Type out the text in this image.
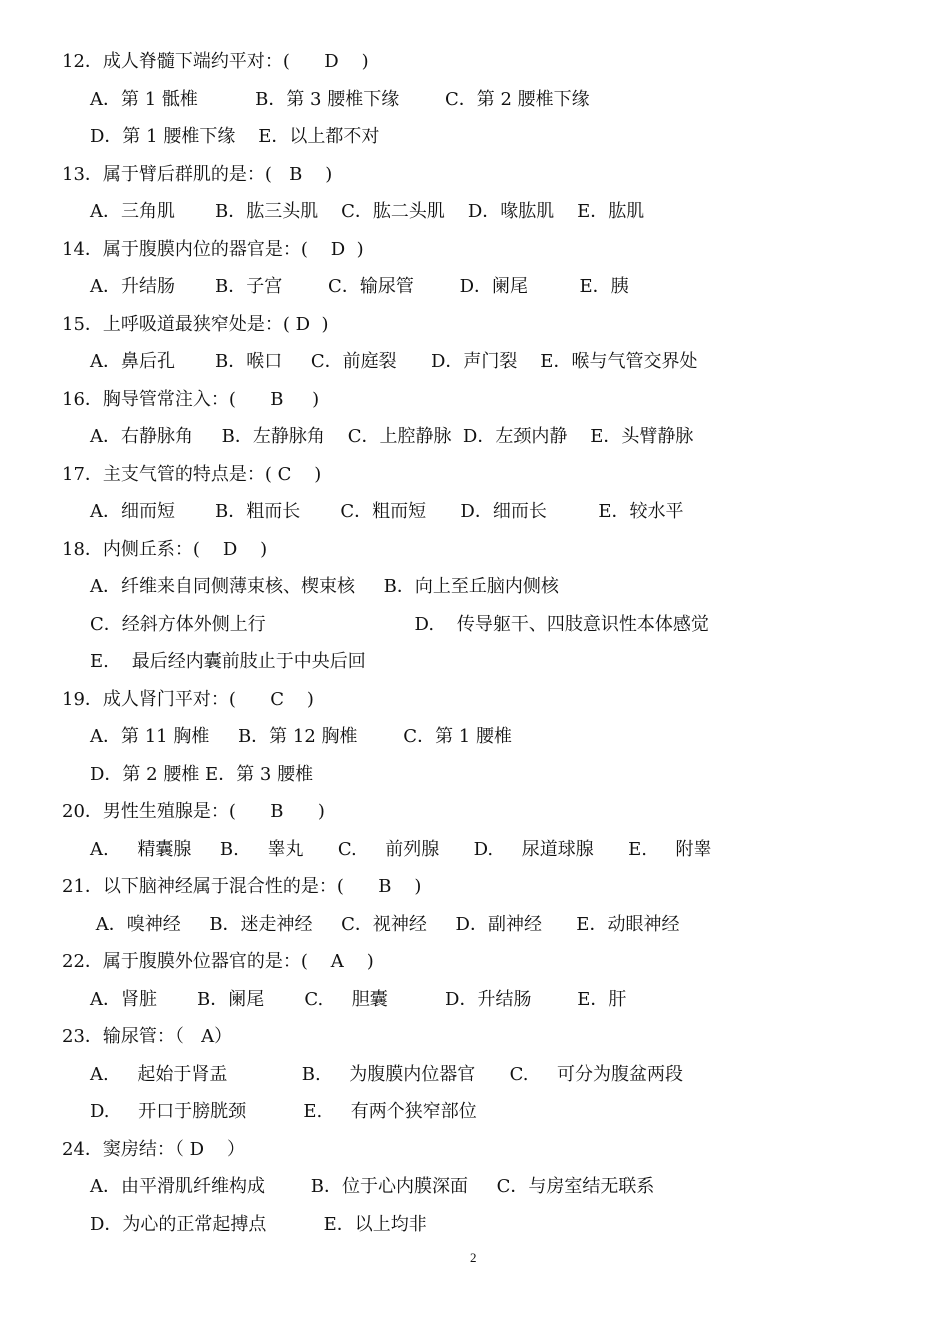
12．成人脊髓下端约平对：(      D    )
A．第 1 骶椎          B．第 3 腰椎下缘        C．第 2 腰椎下缘
D．第 1 腰椎下缘    E．以上都不对
13．属于臂后群肌的是：(   B    )
A．三角肌       B．肱三头肌    C．肱二头肌    D．喙肱肌    E．肱肌
14．属于腹膜内位的器官是：(    D  )
A．升结肠       B．子宫        C．输尿管        D．阑尾         E．胰
15．上呼吸道最狭窄处是：( D  )
A．鼻后孔       B．喉口     C．前庭裂      D．声门裂    E．喉与气管交界处
16．胸导管常注入：(      B     )
A．右静脉角     B．左静脉角    C．上腔静脉  D．左颈内静    E．头臂静脉
17．主支气管的特点是：( C    )
A．细而短       B．粗而长       C．粗而短      D．细而长         E．较水平
18．内侧丘系：(    D    )
A．纤维来自同侧薄束核、楔束核     B．向上至丘脑内侧核
C．经斜方体外侧上行                          D.    传导躯干、四肢意识性本体感觉
E.    最后经内囊前肢止于中央后回
19．成人肾门平对：(      C    )
A．第 11 胸椎     B．第 12 胸椎        C．第 1 腰椎
D．第 2 腰椎 E．第 3 腰椎
20．男性生殖腺是：(      B      )
A.     精囊腺     B.     睾丸      C.     前列腺      D.     尿道球腺      E.     附睾
21．以下脑神经属于混合性的是：(      B    )
A．嗅神经     B．迷走神经     C．视神经     D．副神经      E．动眼神经
22．属于腹膜外位器官的是：(    A    )
A．肾脏       B．阑尾       C.     胆囊          D．升结肠        E．肝
23．输尿管：（   A）
A.     起始于肾盂             B.     为腹膜内位器官      C.     可分为腹盆两段
D.     开口于膀胱颈          E.     有两个狭窄部位
24．窦房结：（ D    ）
A．由平滑肌纤维构成        B．位于心内膜深面     C．与房室结无联系
D．为心的正常起搏点          E．以上均非
2
